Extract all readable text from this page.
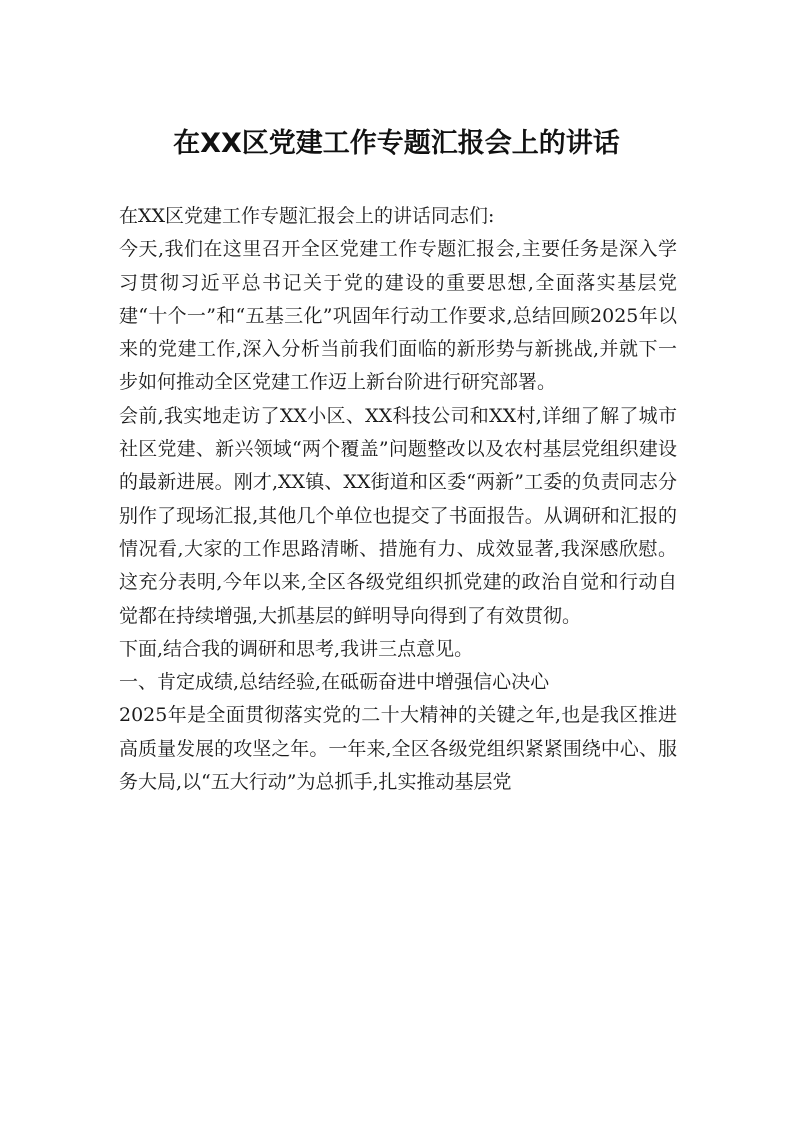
在XX区党建工作专题汇报会上的讲话

在XX区党建工作专题汇报会上的讲话同志们:

今天,我们在这里召开全区党建工作专题汇报会,主要任务是深入学习贯彻习近平总书记关于党的建设的重要思想,全面落实基层党建“十个一”和“五基三化”巩固年行动工作要求,总结回顾2025年以来的党建工作,深入分析当前我们面临的新形势与新挑战,并就下一步如何推动全区党建工作迈上新台阶进行研究部署。

会前,我实地走访了XX小区、XX科技公司和XX村,详细了解了城市社区党建、新兴领域“两个覆盖”问题整改以及农村基层党组织建设的最新进展。刚才,XX镇、XX街道和区委“两新”工委的负责同志分别作了现场汇报,其他几个单位也提交了书面报告。从调研和汇报的情况看,大家的工作思路清晰、措施有力、成效显著,我深感欣慰。这充分表明,今年以来,全区各级党组织抓党建的政治自觉和行动自觉都在持续增强,大抓基层的鲜明导向得到了有效贯彻。

下面,结合我的调研和思考,我讲三点意见。

一、肯定成绩,总结经验,在砥砺奋进中增强信心决心

2025年是全面贯彻落实党的二十大精神的关键之年,也是我区推进高质量发展的攻坚之年。一年来,全区各级党组织紧紧围绕中心、服务大局,以“五大行动”为总抓手,扎实推动基层党
